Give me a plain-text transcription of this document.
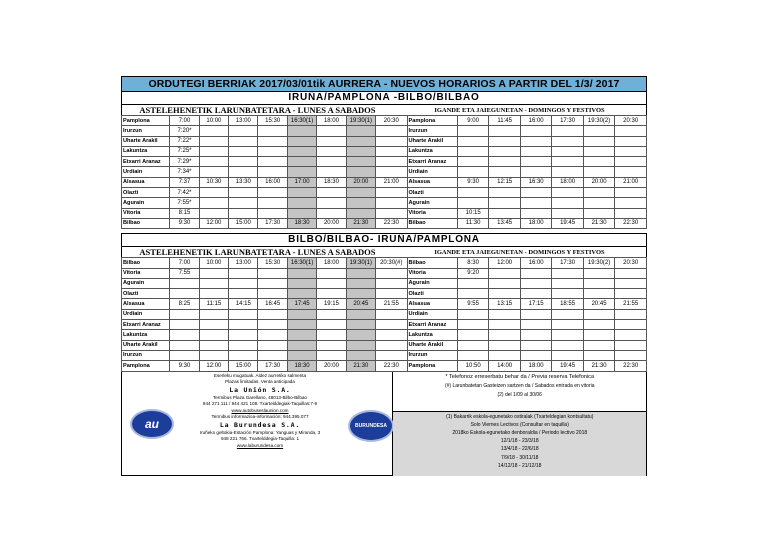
ORDUTEGI BERRIAK 2017/03/01tik AURRERA - NUEVOS HORARIOS A PARTIR DEL 1/3/ 2017
IRUÑA/PAMPLONA -BILBO/BILBAO
ASTELEHENETIK LARUNBATETARA - LUNES A SABADOS	IGANDE ETA JAIEGUNETAN - DOMINGOS Y FESTIVOS
Pamplona	7:00	10:00	13:00	15:30	16:30(1)	18:00	19:30(1)	20:30	Pamplona	9:00	11:45	16:00	17:30	19:30(2)	20:30
Irurzun	7:20*								Irurzun						
Uharte Arakil	7:22*								Uharte Arakil						
Lakuntza	7:25*								Lakuntza						
Etxarri Aranaz	7:29*								Etxarri Aranaz						
Urdiain	7:34*								Urdiain						
Alsasua	7:37	10:30	13:30	16:00	17:00	18:30	20:00	21:00	Alsasua	9:30	12:15	16:30	18:00	20:00	21:00
Olazti	7:42*								Olazti						
Agurain	7:55*								Agurain						
Vitoria	8:15								Vitoria	10:15					
Bilbao	9:30	12:00	15:00	17:30	18:30	20:00	21:30	22:30	Bilbao	11:30	13:45	18:00	19:45	21:30	22:30
BILBO/BILBAO- IRUÑA/PAMPLONA
ASTELEHENETIK LARUNBATETARA - LUNES A SABADOS	IGANDE ETA JAIEGUNETAN - DOMINGOS Y FESTIVOS
Bilbao	7:00	10:00	13:00	15:30	16:30(1)	18:00	19:30(1)	20:30(#)	Bilbao	8:30	12:00	16:00	17:30	19:30(2)	20:30
Vitoria	7:55								Vitoria	9:20					
Agurain									Agurain						
Olazti									Olazti						
Alsasua	8:25	11:15	14:15	16:45	17:45	19:15	20:45	21:55	Alsasua	9:55	13:15	17:15	18:55	20:45	21:55
Urdiain									Urdiain						
Etxarri Aranaz									Etxarri Aranaz						
Lakuntza									Lakuntza						
Uharte Arakil									Uharte Arakil						
Irurzun									Irurzun						
Pamplona	9:30	12:00	15:00	17:30	18:30	20:00	21:30	22:30	Pamplona	10:50	14:00	18:00	19:45	21:30	22:30
au
Eserleku mugatuak. Aldez aurretiko salmenta
Plazas limitadas. Venta anticipada
La Unión S.A.
Termibus Plaza Garellano, 48013-Bilbo-Bilbao
944 271 111 / 944 421 108. Txartelddegiak-Taquillas:7-9
www.autobuseslaunion.com
Termibus informazioa-información: 944.395.077
La Burundesa S.A.
Iruñeko geltokia-Estación Pamplona: Yanguas y Miranda, 3
948 221 766. Txartelddegia-Taquilla: 1
www.laburundesa.com
BURUNDESA
* Telefonoz erreserbatu behar da / Previa reserva Telefonica
(#) Larunbatetan Gasteizen sartzen da / Sabados entrada en vitoria
(2) del 1/09 al 30/06
(1) Bakarrik eskola-egunetako ostiralak (Txarteldegian kontsultatu)
Solo Viernes Lectivos (Consultar en taquilla)
2018ko Eskola-egunetako denboraldia / Periodo lectivo 2018
12/1/18 - 23/3/18
13/4/18 - 22/6/18
7/9/18 - 30/11/18
14/12/18 - 21/12/18
